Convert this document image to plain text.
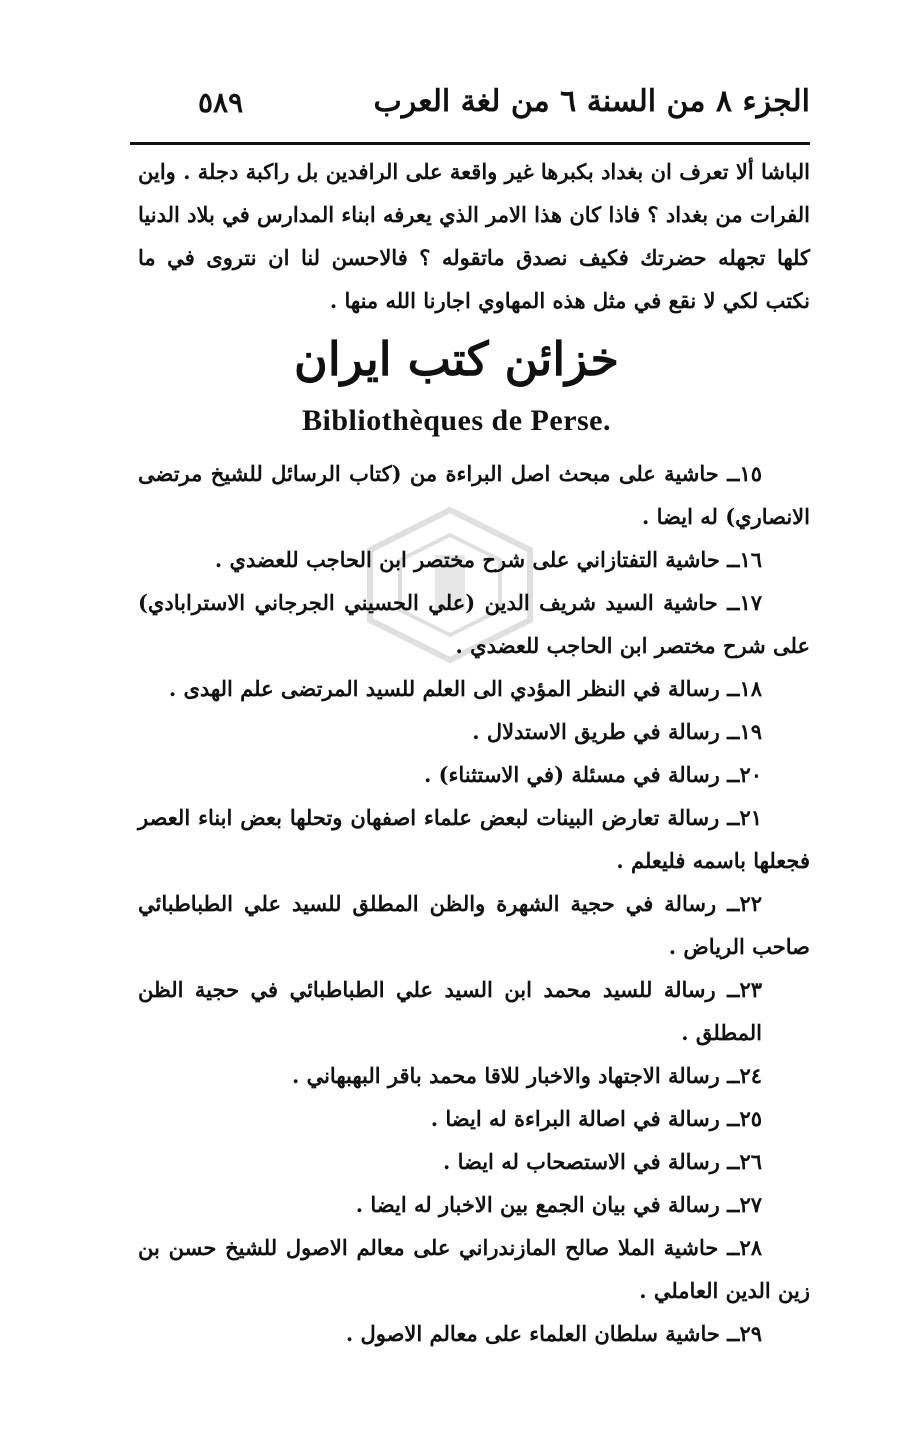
الجزء ٨ من السنة ٦ من لغة العرب
٥٨٩
الباشا ألا تعرف ان بغداد بكبرها غير واقعة على الرافدين بل راكبة دجلة . واين الفرات من بغداد ؟ فاذا كان هذا الامر الذي يعرفه ابناء المدارس في بلاد الدنيا كلها تجهله حضرتك فكيف نصدق ماتقوله ؟ فالاحسن لنا ان نتروى في ما نكتب لكي لا نقع في مثل هذه المهاوي اجارنا الله منها .
خزائن كتب ايران
Bibliothèques de Perse.
١٥ــ حاشية على مبحث اصل البراءة من (كتاب الرسائل للشيخ مرتضى الانصاري) له ايضا .
١٦ــ حاشية التفتازاني على شرح مختصر ابن الحاجب للعضدي .
١٧ــ حاشية السيد شريف الدين (علي الحسيني الجرجاني الاسترابادي) على شرح مختصر ابن الحاجب للعضدي .
١٨ــ رسالة في النظر المؤدي الى العلم للسيد المرتضى علم الهدى .
١٩ــ رسالة في طريق الاستدلال .
٢٠ــ رسالة في مسئلة (في الاستثناء) .
٢١ــ رسالة تعارض البينات لبعض علماء اصفهان وتحلها بعض ابناء العصر فجعلها باسمه فليعلم .
٢٢ــ رسالة في حجية الشهرة والظن المطلق للسيد علي الطباطبائي صاحب الرياض .
٢٣ــ رسالة للسيد محمد ابن السيد علي الطباطبائي في حجية الظن المطلق .
٢٤ــ رسالة الاجتهاد والاخبار للاقا محمد باقر البهبهاني .
٢٥ــ رسالة في اصالة البراءة له ايضا .
٢٦ــ رسالة في الاستصحاب له ايضا .
٢٧ــ رسالة في بيان الجمع بين الاخبار له ايضا .
٢٨ــ حاشية الملا صالح المازندراني على معالم الاصول للشيخ حسن بن زين الدين العاملي .
٢٩ــ حاشية سلطان العلماء على معالم الاصول .
